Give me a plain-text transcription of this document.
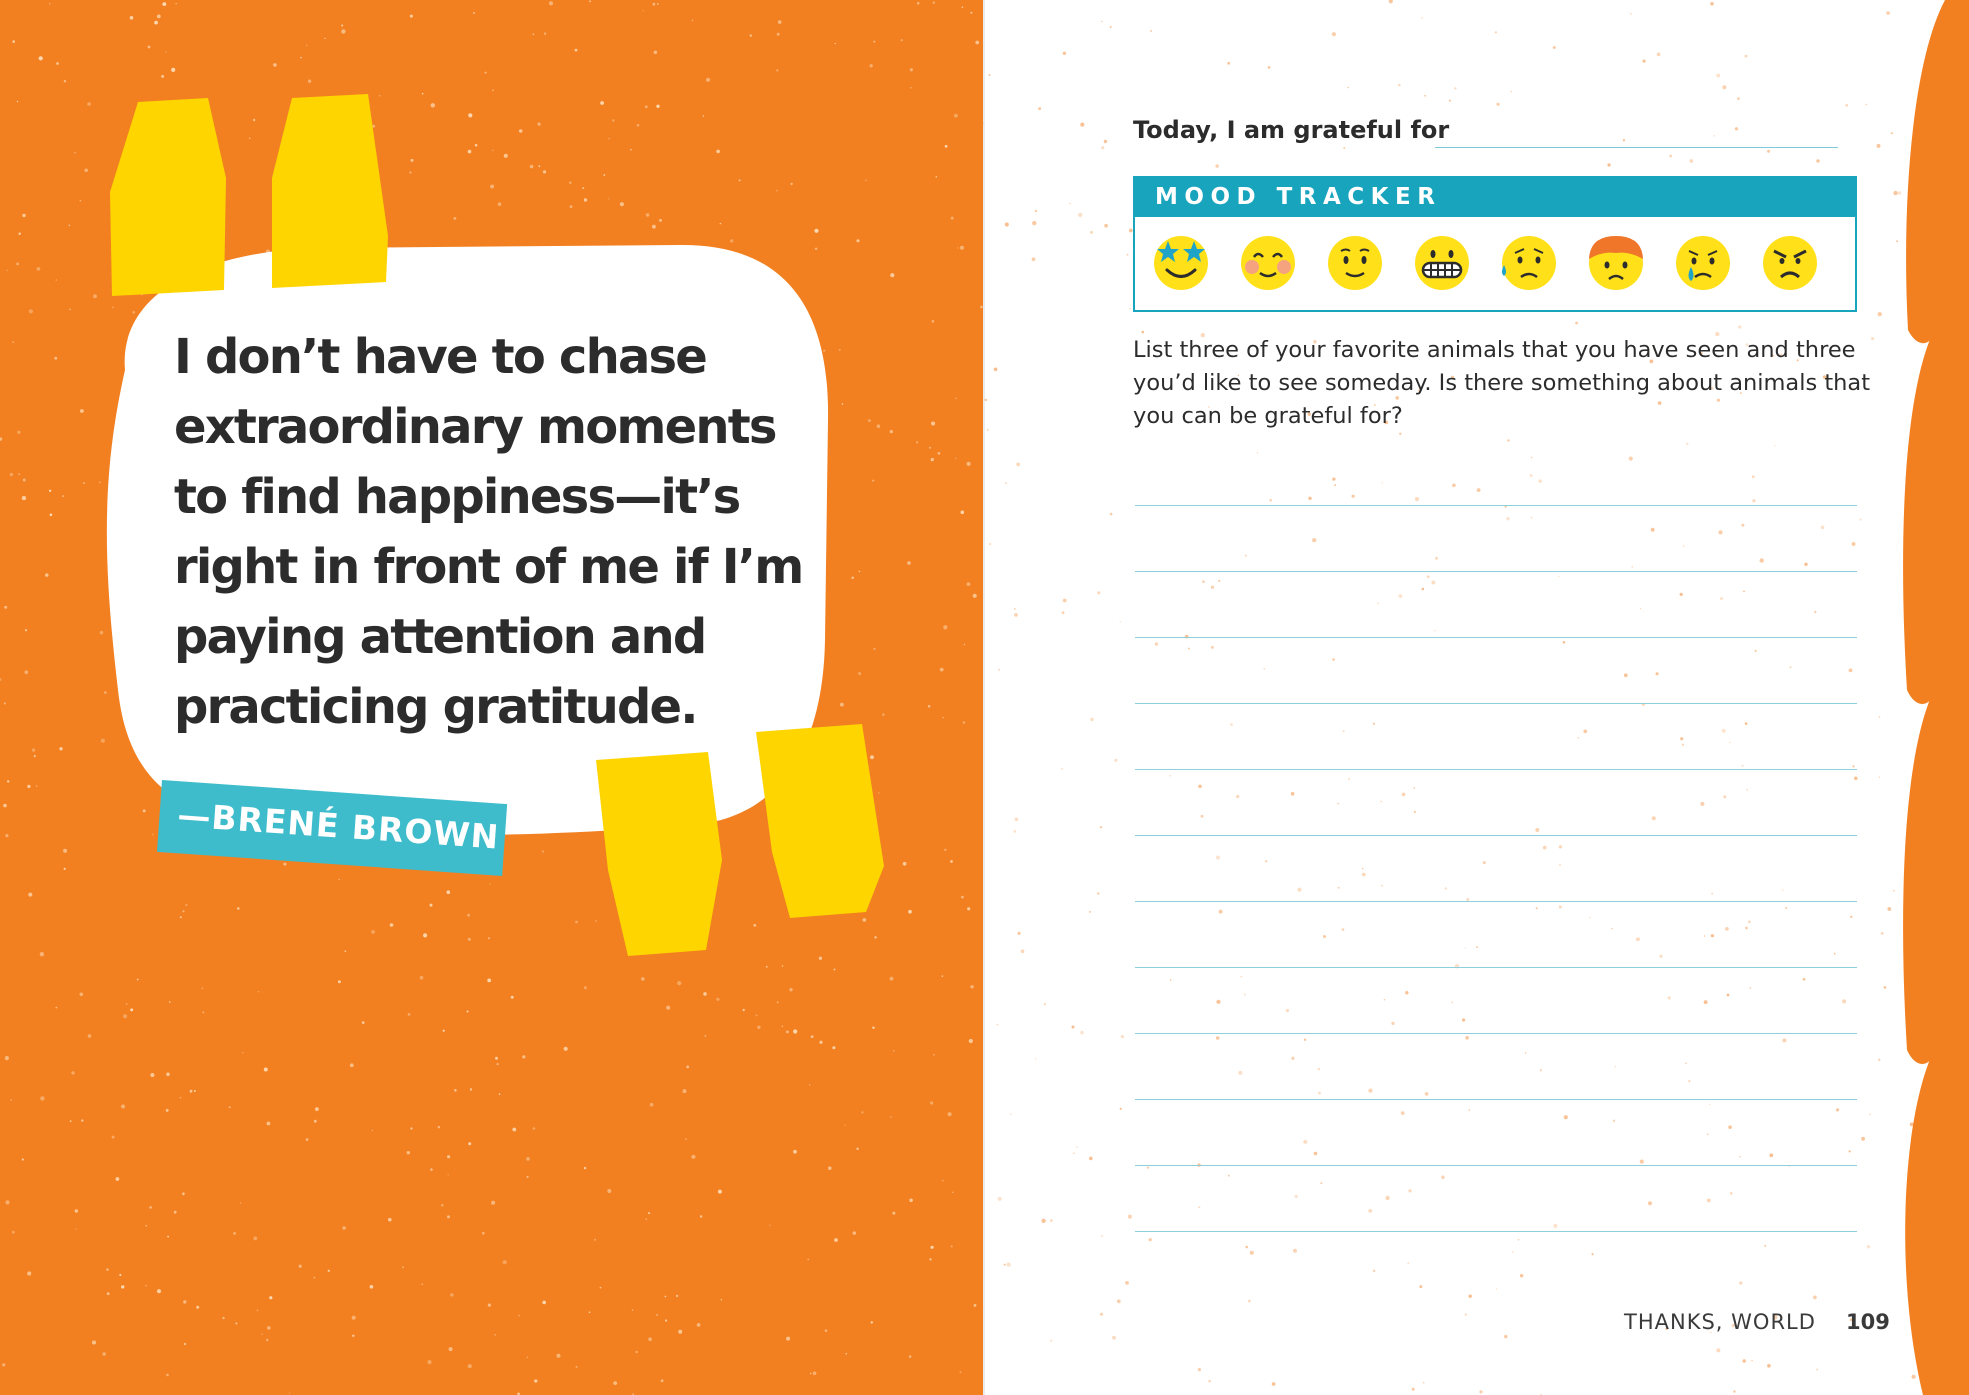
I don’t have to chase
extraordinary moments
to find happiness—it’s
right in front of me if I’m
paying attention and
practicing gratitude.

—BRENÉ BROWN
Today, I am grateful for
MOOD TRACKER

List three of your favorite animals that you have seen and three you’d like to see someday. Is there something about animals that you can be grateful for?

THANKS, WORLD 109
